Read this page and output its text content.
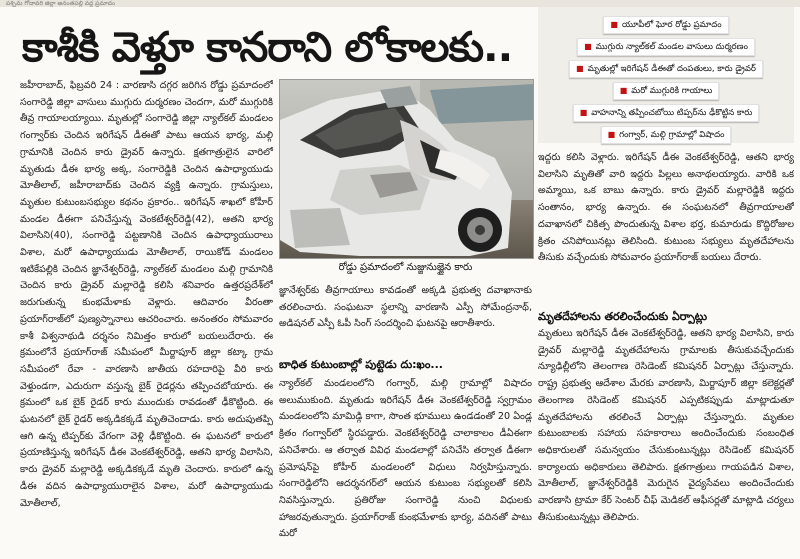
పశ్చిమ గోదావరి జిల్లా అనంతపల్లి వద్ద ప్రమాదం
కాశీకి వెళ్తూ కానరాని లోకాలకు..	■ యూపీలో ఘోర రోడ్డు ప్రమాదం
■ ముగ్గురు న్యాల్‌కల్‌ మండల వాసులు దుర్మరణం
■ మృతుల్లో ఇరిగేషన్‌ డీఈతో దంపతులు, కారు డ్రైవర్‌
■ మరో ముగ్గురికి గాయాలు
■ వాహనాన్ని తప్పించబోయి టిప్పర్‌ను ఢీకొట్టిన కారు
■ గంగ్వార్‌, మల్గి గ్రామాల్లో విషాదం

జహీరాబాద్‌, ఫిబ్రవరి 24 : వారణాసి దగ్గర జరిగిన రోడ్డు ప్రమాదంలో సంగారెడ్డి జిల్లా వాసులు ముగ్గురు దుర్మరణం చెందగా, మరో ముగ్గురికి తీవ్ర గాయాలయ్యాయి. మృతుల్లో సంగారెడ్డి జిల్లా న్యాల్‌కల్‌ మండలం గంగ్వార్‌కు చెందిన ఇరిగేషన్‌ డీఈతో పాటు ఆయన భార్య, మల్గి గ్రామానికి చెందిన కారు డ్రైవర్‌ ఉన్నారు. క్షతగాత్రులైన వారిలో మృతుడు డీఈ భార్య అక్క, సంగారెడ్డికి చెందిన ఉపాధ్యాయుడు మోతీలాల్‌, జహీరాబాద్‌కు చెందిన వ్యక్తి ఉన్నారు. గ్రామస్తులు, మృతుల కుటుంబసభ్యుల కథనం ప్రకారం.. ఇరిగేషన్‌ శాఖలో కోహీర్‌ మండల డీఈగా పనిచేస్తున్న వెంకటేశ్వర్‌రెడ్డి(42), ఆతని భార్య విలాసిని(40), సంగారెడ్డి పట్టణానికి చెందిన ఉపాధ్యాయురాలు విశాల, మరో ఉపాధ్యాయుడు మోతీలాల్‌, రాయికోడ్‌ మండలం ఇటికేపల్లికి చెందిన జ్ఞానేశ్వర్‌రెడ్డి, న్యాల్‌కల్‌ మండలం మల్గి గ్రామానికి చెందిన కారు డ్రైవర్‌ మల్లారెడ్డి కలిసి శనివారం ఉత్తరప్రదేశ్‌లో జరుగుతున్న కుంభమేళాకు వెళ్లారు. ఆదివారం వీరంతా ప్రయాగ్‌రాజ్‌లో పుణ్యస్నానాలు ఆచరించారు. అనంతరం సోమవారం కాశీ విశ్వనాథుడి దర్శనం నిమిత్తం కారులో బయలుదేరారు. ఈ క్రమంలోనే ప్రయాగ్‌రాజ్‌ సమీపంలో మీర్జాపూర్‌ జిల్లా కట్కా గ్రామ సమీపంలో రేవా - వారణాసి జాతీయ రహదారిపై వీరి కారు వెళ్తుండగా, ఎదురుగా వస్తున్న బైక్‌ రైడర్లను తప్పించబోయారు. ఈ క్రమంలో ఒక బైక్‌ రైడర్‌ కారు ముందుకు రావడంతో ఢీకొట్టింది. ఈ ఘటనలో బైక్‌ రైడర్‌ అక్కడికక్కడే మృతిచెందాడు. కారు అదుపుతప్పి ఆగి ఉన్న టిప్పర్‌కు వేగంగా వెళ్లి ఢీకొట్టింది. ఈ ఘటనలో కారులో ప్రయాణిస్తున్న ఇరిగేషన్‌ డీఈ వెంకటేశ్వర్‌రెడ్డి, ఆతని భార్య విలాసిని, కారు డ్రైవర్‌ మల్లారెడ్డి అక్కడికక్కడే మృతి చెందారు. కారులో ఉన్న డీఈ వదిన ఉపాధ్యాయురాలైన విశాల, మరో ఉపాధ్యాయుడు మోతీలాల్‌,

రోడ్డు ప్రమాదంలో నుజ్జునుజ్జైన కారు

జ్ఞానేశ్వర్‌కు తీవ్రగాయాలు కావడంతో అక్కడి ప్రభుత్వ దవాఖానాకు తరలించారు. సంఘటనా స్థలాన్ని వారణాసి ఎస్పీ సోమేంద్రనాథ్‌, అడిషనల్‌ ఎస్పీ ఓపీ సింగ్‌ సందర్శించి ఘటనపై ఆరాతీశారు.

బాధిత కుటుంబాల్లో పుట్టెడు దు:ఖం...

న్యాల్‌కల్‌ మండలంలోని గంగ్వార్‌, మల్గి గ్రామాల్లో విషాదం అలుముకుంది. మృతుడు ఇరిగేషన్‌ డీఈ వెంకటేశ్వర్‌రెడ్డి స్వగ్రామం మండలంలోని మామిడ్గి కాగా, సొంత భూములు ఉండడంతో 20 ఏండ్ల క్రితం గంగ్వార్‌లో స్థిరపడ్డారు. వెంకటేశ్వర్‌రెడ్డి చాలాకాలం డీఏఈగా పనిచేశారు. ఆ తర్వాత వివిధ మండలాల్లో పనిచేసి తర్వాత డీఈగా ప్రమోషన్‌పై కోహీర్‌ మండలంలో విధులు నిర్వహిస్తున్నారు. సంగారెడ్డిలోని ఆదర్శనగర్‌లో ఆయన కుటుంబ సభ్యులతో కలిసి నివసిస్తున్నారు. ప్రతిరోజు సంగారెడ్డి నుంచి విధులకు హాజరవుతున్నారు. ప్రయాగ్‌రాజ్‌ కుంభమేళాకు భార్య, వదినతో పాటు మరో

ఇద్దరు కలిసి వెళ్లారు. ఇరిగేషన్‌ డీఈ వెంకటేశ్వర్‌రెడ్డి, ఆతని భార్య విలాసిని మృతితో వారి ఇద్దరు పిల్లలు అనాథలయ్యారు. వారికి ఒక అమ్మాయి, ఒక బాబు ఉన్నారు. కారు డ్రైవర్‌ మల్లారెడ్డికి ఇద్దరు సంతానం, భార్య ఉన్నారు. ఈ సంఘటనలో తీవ్రగాయాలతో దవాఖానలో చికిత్స పొందుతున్న విశాల భర్త, కుమారుడు కొద్దిరోజుల క్రితం చనిపోయినట్లు తెలిసింది. కుటుంబ సభ్యులు మృతదేహాలను తీసుకు వచ్చేందుకు సోమవారం ప్రయాగ్‌రాజ్‌ బయలు దేరారు.

మృతదేహాలను తరలించేందుకు ఏర్పాట్లు

మృతులు ఇరిగేషన్‌ డీఈ వెంకటేశ్వర్‌రెడ్డి, ఆతని భార్య విలాసిని, కారు డ్రైవర్‌ మల్లారెడ్డి మృతదేహాలను గ్రామాలకు తీసుకువచ్చేందుకు న్యూఢిల్లీలోని తెలంగాణ రెసిడెంట్‌ కమిషనర్‌ ఏర్పాట్లు చేస్తున్నారు. రాష్ట్ర ప్రభుత్వ ఆదేశాల మేరకు వారణాసి, మిర్జాపూర్‌ జిల్లా కలెక్టర్లతో తెలంగాణ రెసిడెంట్‌ కమిషనర్‌ ఎప్పటికప్పుడు మాట్లాడుతూ మృతదేహాలను తరలించే ఏర్పాట్లు చేస్తున్నారు. మృతుల కుటుంబాలకు సహాయ సహకారాలు అందించేందుకు సంబంధిత అధికారులతో సమన్వయం చేసుకుంటున్నట్లు రెసిడెంట్‌ కమిషనర్‌ కార్యాలయ అధికారులు తెలిపారు. క్షతగాత్రులు గాయపడిన విశాల, మోతీలాల్‌, జ్ఞానేశ్వర్‌రెడ్డికి మెరుగైన వైద్యసేవలు అందించేందుకు వారణాసి ట్రామా కేర్‌ సెంటర్‌ చీఫ్‌ మెడికల్‌ ఆఫీసర్లతో మాట్లాడి చర్యలు తీసుకుంటున్నట్లు తెలిపారు.
